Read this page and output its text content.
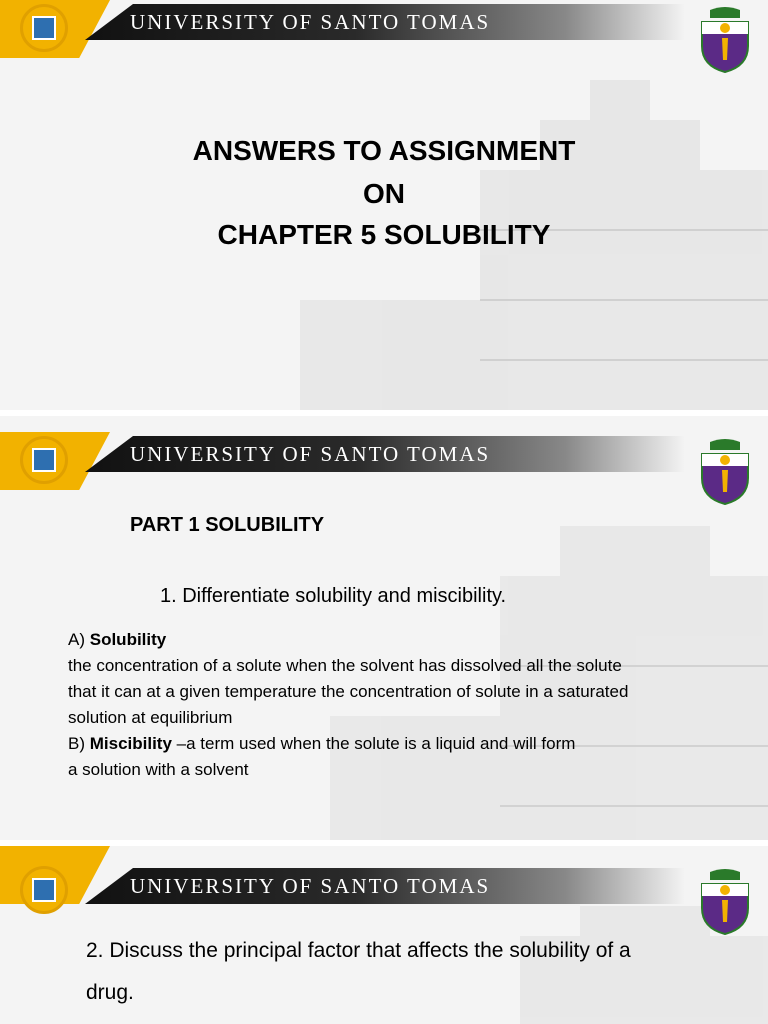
UNIVERSITY OF SANTO TOMAS
ANSWERS TO ASSIGNMENT
ON
CHAPTER 5 SOLUBILITY
UNIVERSITY OF SANTO TOMAS
PART 1 SOLUBILITY
1. Differentiate solubility and miscibility.
A) Solubility
the concentration of a solute when the solvent has dissolved all the solute
that it can at a given temperature the concentration of solute in a saturated
solution at equilibrium
B) Miscibility –a term used when the solute is a liquid and will form
a solution with a solvent
UNIVERSITY OF SANTO TOMAS
2. Discuss the principal factor that affects the solubility of a
drug.
